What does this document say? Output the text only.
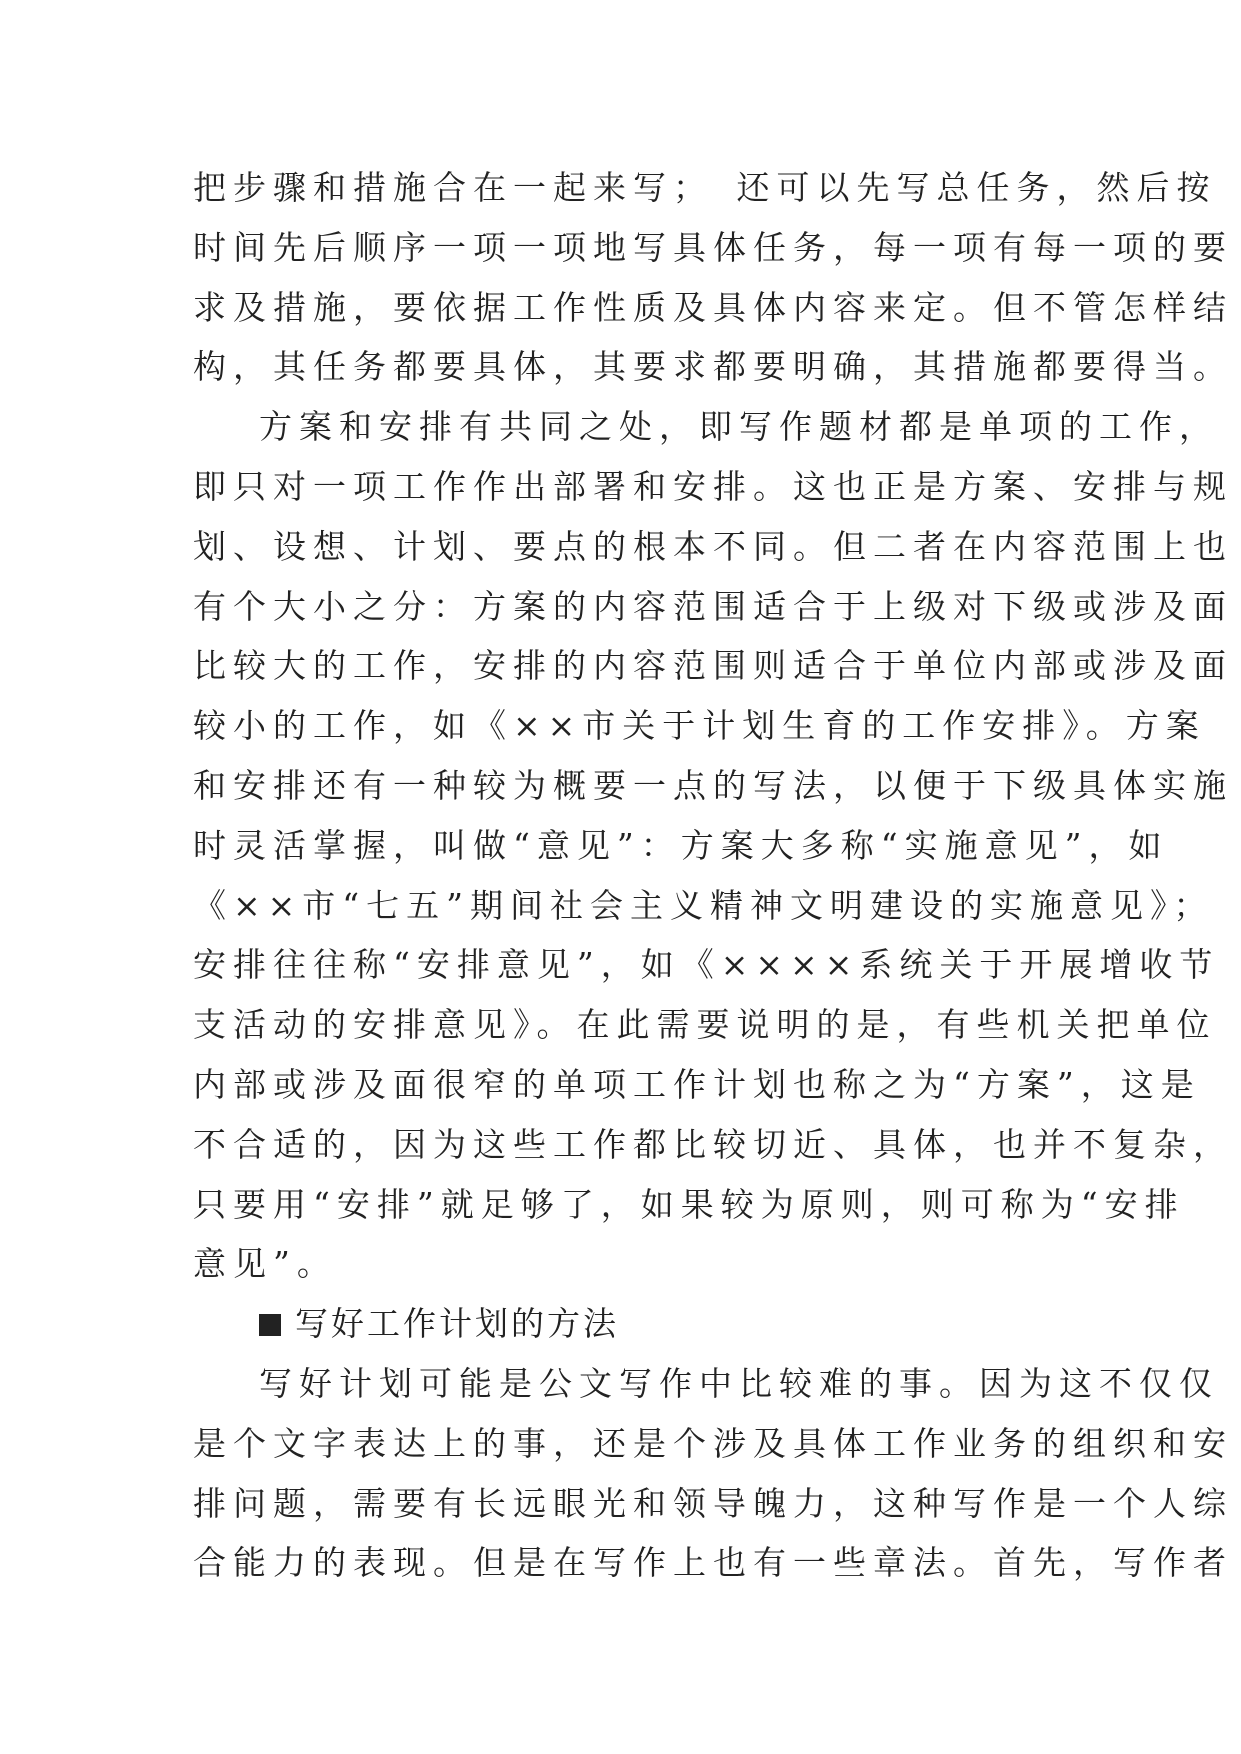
把步骤和措施合在一起来写；　还可以先写总任务，然后按
时间先后顺序一项一项地写具体任务，每一项有每一项的要
求及措施，要依据工作性质及具体内容来定。但不管怎样结
构，其任务都要具体，其要求都要明确，其措施都要得当。
方案和安排有共同之处，即写作题材都是单项的工作，
即只对一项工作作出部署和安排。这也正是方案、安排与规
划、设想、计划、要点的根本不同。但二者在内容范围上也
有个大小之分：方案的内容范围适合于上级对下级或涉及面
比较大的工作，安排的内容范围则适合于单位内部或涉及面
较小的工作，如《××市关于计划生育的工作安排》。方案
和安排还有一种较为概要一点的写法，以便于下级具体实施
时灵活掌握，叫做“意见”：方案大多称“实施意见”，如
《××市“七五”期间社会主义精神文明建设的实施意见》；
安排往往称“安排意见”，如《××××系统关于开展增收节
支活动的安排意见》。在此需要说明的是，有些机关把单位
内部或涉及面很窄的单项工作计划也称之为“方案”，这是
不合适的，因为这些工作都比较切近、具体，也并不复杂，
只要用“安排”就足够了，如果较为原则，则可称为“安排
意见”。
写好工作计划的方法
写好计划可能是公文写作中比较难的事。因为这不仅仅
是个文字表达上的事，还是个涉及具体工作业务的组织和安
排问题，需要有长远眼光和领导魄力，这种写作是一个人综
合能力的表现。但是在写作上也有一些章法。首先，写作者
